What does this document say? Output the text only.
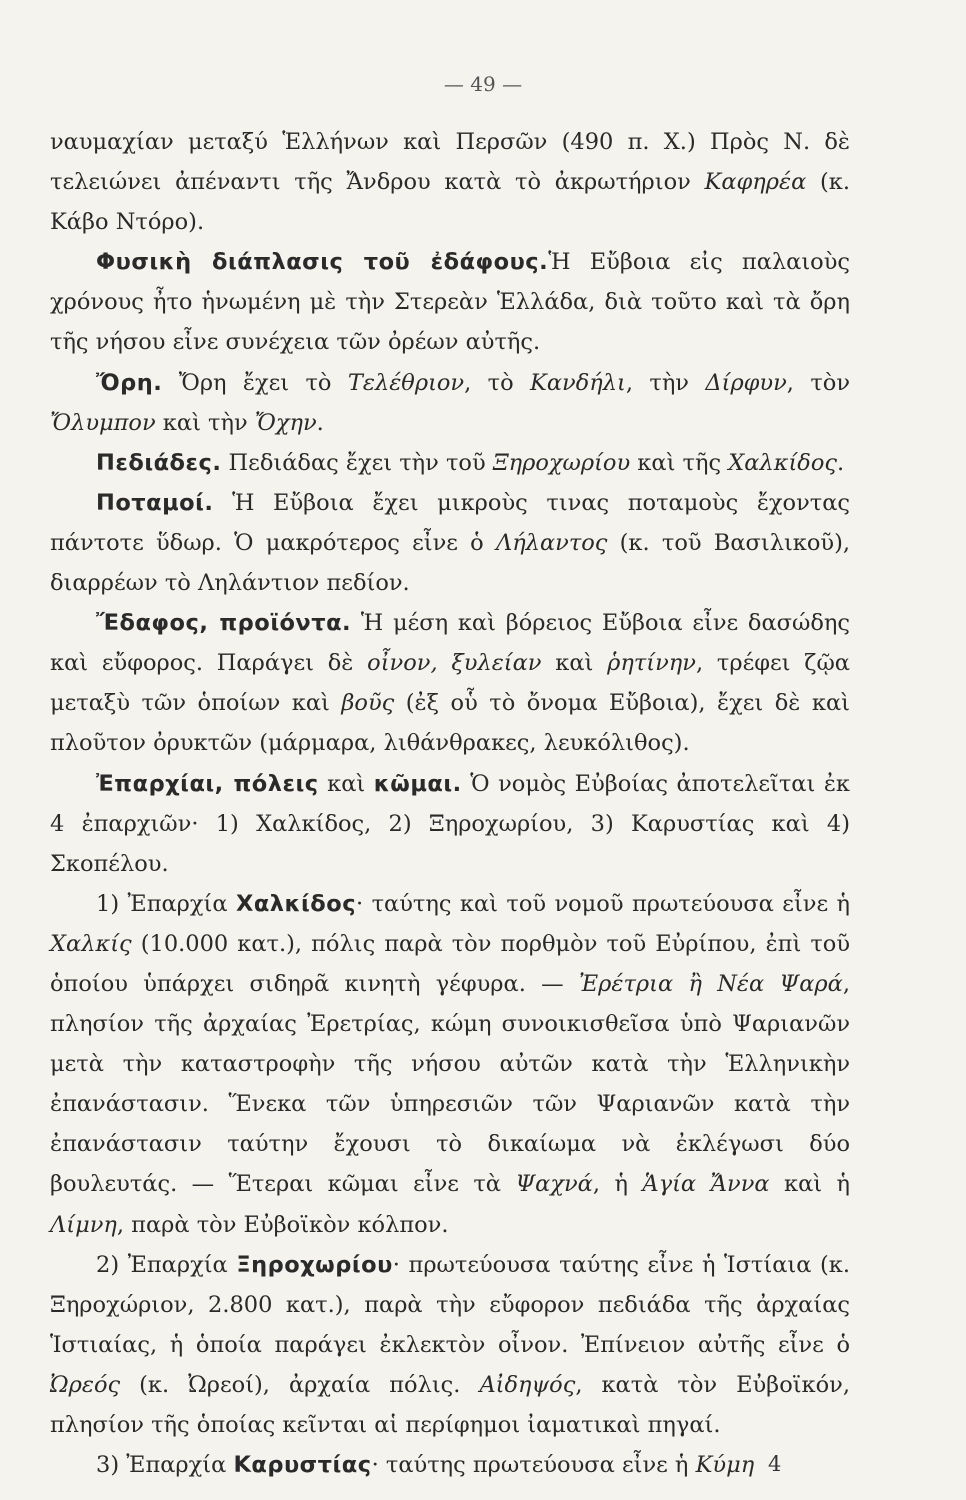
— 49 —

ναυμαχίαν μεταξύ Ἑλλήνων καὶ Περσῶν (490 π. Χ.) Πρὸς Ν. δὲ τελειώνει ἀπέναντι τῆς Ἄνδρου κατὰ τὸ ἀκρωτήριον Καφηρέα (κ. Κάβο Ντόρο).

Φυσικὴ διάπλασις τοῦ ἐδάφους.Ἡ Εὔβοια εἰς παλαιοὺς χρόνους ἦτο ἡνωμένη μὲ τὴν Στερεὰν Ἑλλάδα, διὰ τοῦτο καὶ τὰ ὄρη τῆς νήσου εἶνε συνέχεια τῶν ὀρέων αὐτῆς.

Ὄρη. Ὄρη ἔχει τὸ Τελέθριον, τὸ Κανδήλι, τὴν Δίρφυν, τὸν Ὄλυμπον καὶ τὴν Ὄχην.

Πεδιάδες. Πεδιάδας ἔχει τὴν τοῦ Ξηροχωρίου καὶ τῆς Χαλκίδος.

Ποταμοί. Ἡ Εὔβοια ἔχει μικροὺς τινας ποταμοὺς ἔχοντας πάντοτε ὕδωρ. Ὁ μακρότερος εἶνε ὁ Λήλαντος (κ. τοῦ Βασιλικοῦ), διαρρέων τὸ Ληλάντιον πεδίον.

Ἔδαφος, προϊόντα. Ἡ μέση καὶ βόρειος Εὔβοια εἶνε δασώδης καὶ εὔφορος. Παράγει δὲ οἶνον, ξυλείαν καὶ ῥητίνην, τρέφει ζῷα μεταξὺ τῶν ὁποίων καὶ βοῦς (ἐξ οὗ τὸ ὄνομα Εὔβοια), ἔχει δὲ καὶ πλοῦτον ὀρυκτῶν (μάρμαρα, λιθάνθρακες, λευκόλιθος).

Ἐπαρχίαι, πόλεις καὶ κῶμαι. Ὁ νομὸς Εὐβοίας ἀποτελεῖται ἐκ 4 ἐπαρχιῶν· 1) Χαλκίδος, 2) Ξηροχωρίου, 3) Καρυστίας καὶ 4) Σκοπέλου.

1) Ἐπαρχία Χαλκίδος· ταύτης καὶ τοῦ νομοῦ πρωτεύουσα εἶνε ἡ Χαλκίς (10.000 κατ.), πόλις παρὰ τὸν πορθμὸν τοῦ Εὐρίπου, ἐπὶ τοῦ ὁποίου ὑπάρχει σιδηρᾶ κινητὴ γέφυρα. — Ἐρέτρια ἢ Νέα Ψαρά, πλησίον τῆς ἀρχαίας Ἐρετρίας, κώμη συνοικισθεῖσα ὑπὸ Ψαριανῶν μετὰ τὴν καταστροφὴν τῆς νήσου αὐτῶν κατὰ τὴν Ἑλληνικὴν ἐπανάστασιν. Ἕνεκα τῶν ὑπηρεσιῶν τῶν Ψαριανῶν κατὰ τὴν ἐπανάστασιν ταύτην ἔχουσι τὸ δικαίωμα νὰ ἐκλέγωσι δύο βουλευτάς. — Ἕτεραι κῶμαι εἶνε τὰ Ψαχνά, ἡ Ἁγία Ἄννα καὶ ἡ Λίμνη, παρὰ τὸν Εὐβοϊκὸν κόλπον.

2) Ἐπαρχία Ξηροχωρίου· πρωτεύουσα ταύτης εἶνε ἡ Ἱστίαια (κ. Ξηροχώριον, 2.800 κατ.), παρὰ τὴν εὔφορον πεδιάδα τῆς ἀρχαίας Ἱστιαίας, ἡ ὁποία παράγει ἐκλεκτὸν οἶνον. Ἐπίνειον αὐτῆς εἶνε ὁ Ὠρεός (κ. Ὠρεοί), ἀρχαία πόλις. Αἰδηψός, κατὰ τὸν Εὐβοϊκόν, πλησίον τῆς ὁποίας κεῖνται αἱ περίφημοι ἰαματικαὶ πηγαί.

3) Ἐπαρχία Καρυστίας· ταύτης πρωτεύουσα εἶνε ἡ Κύμη 4
